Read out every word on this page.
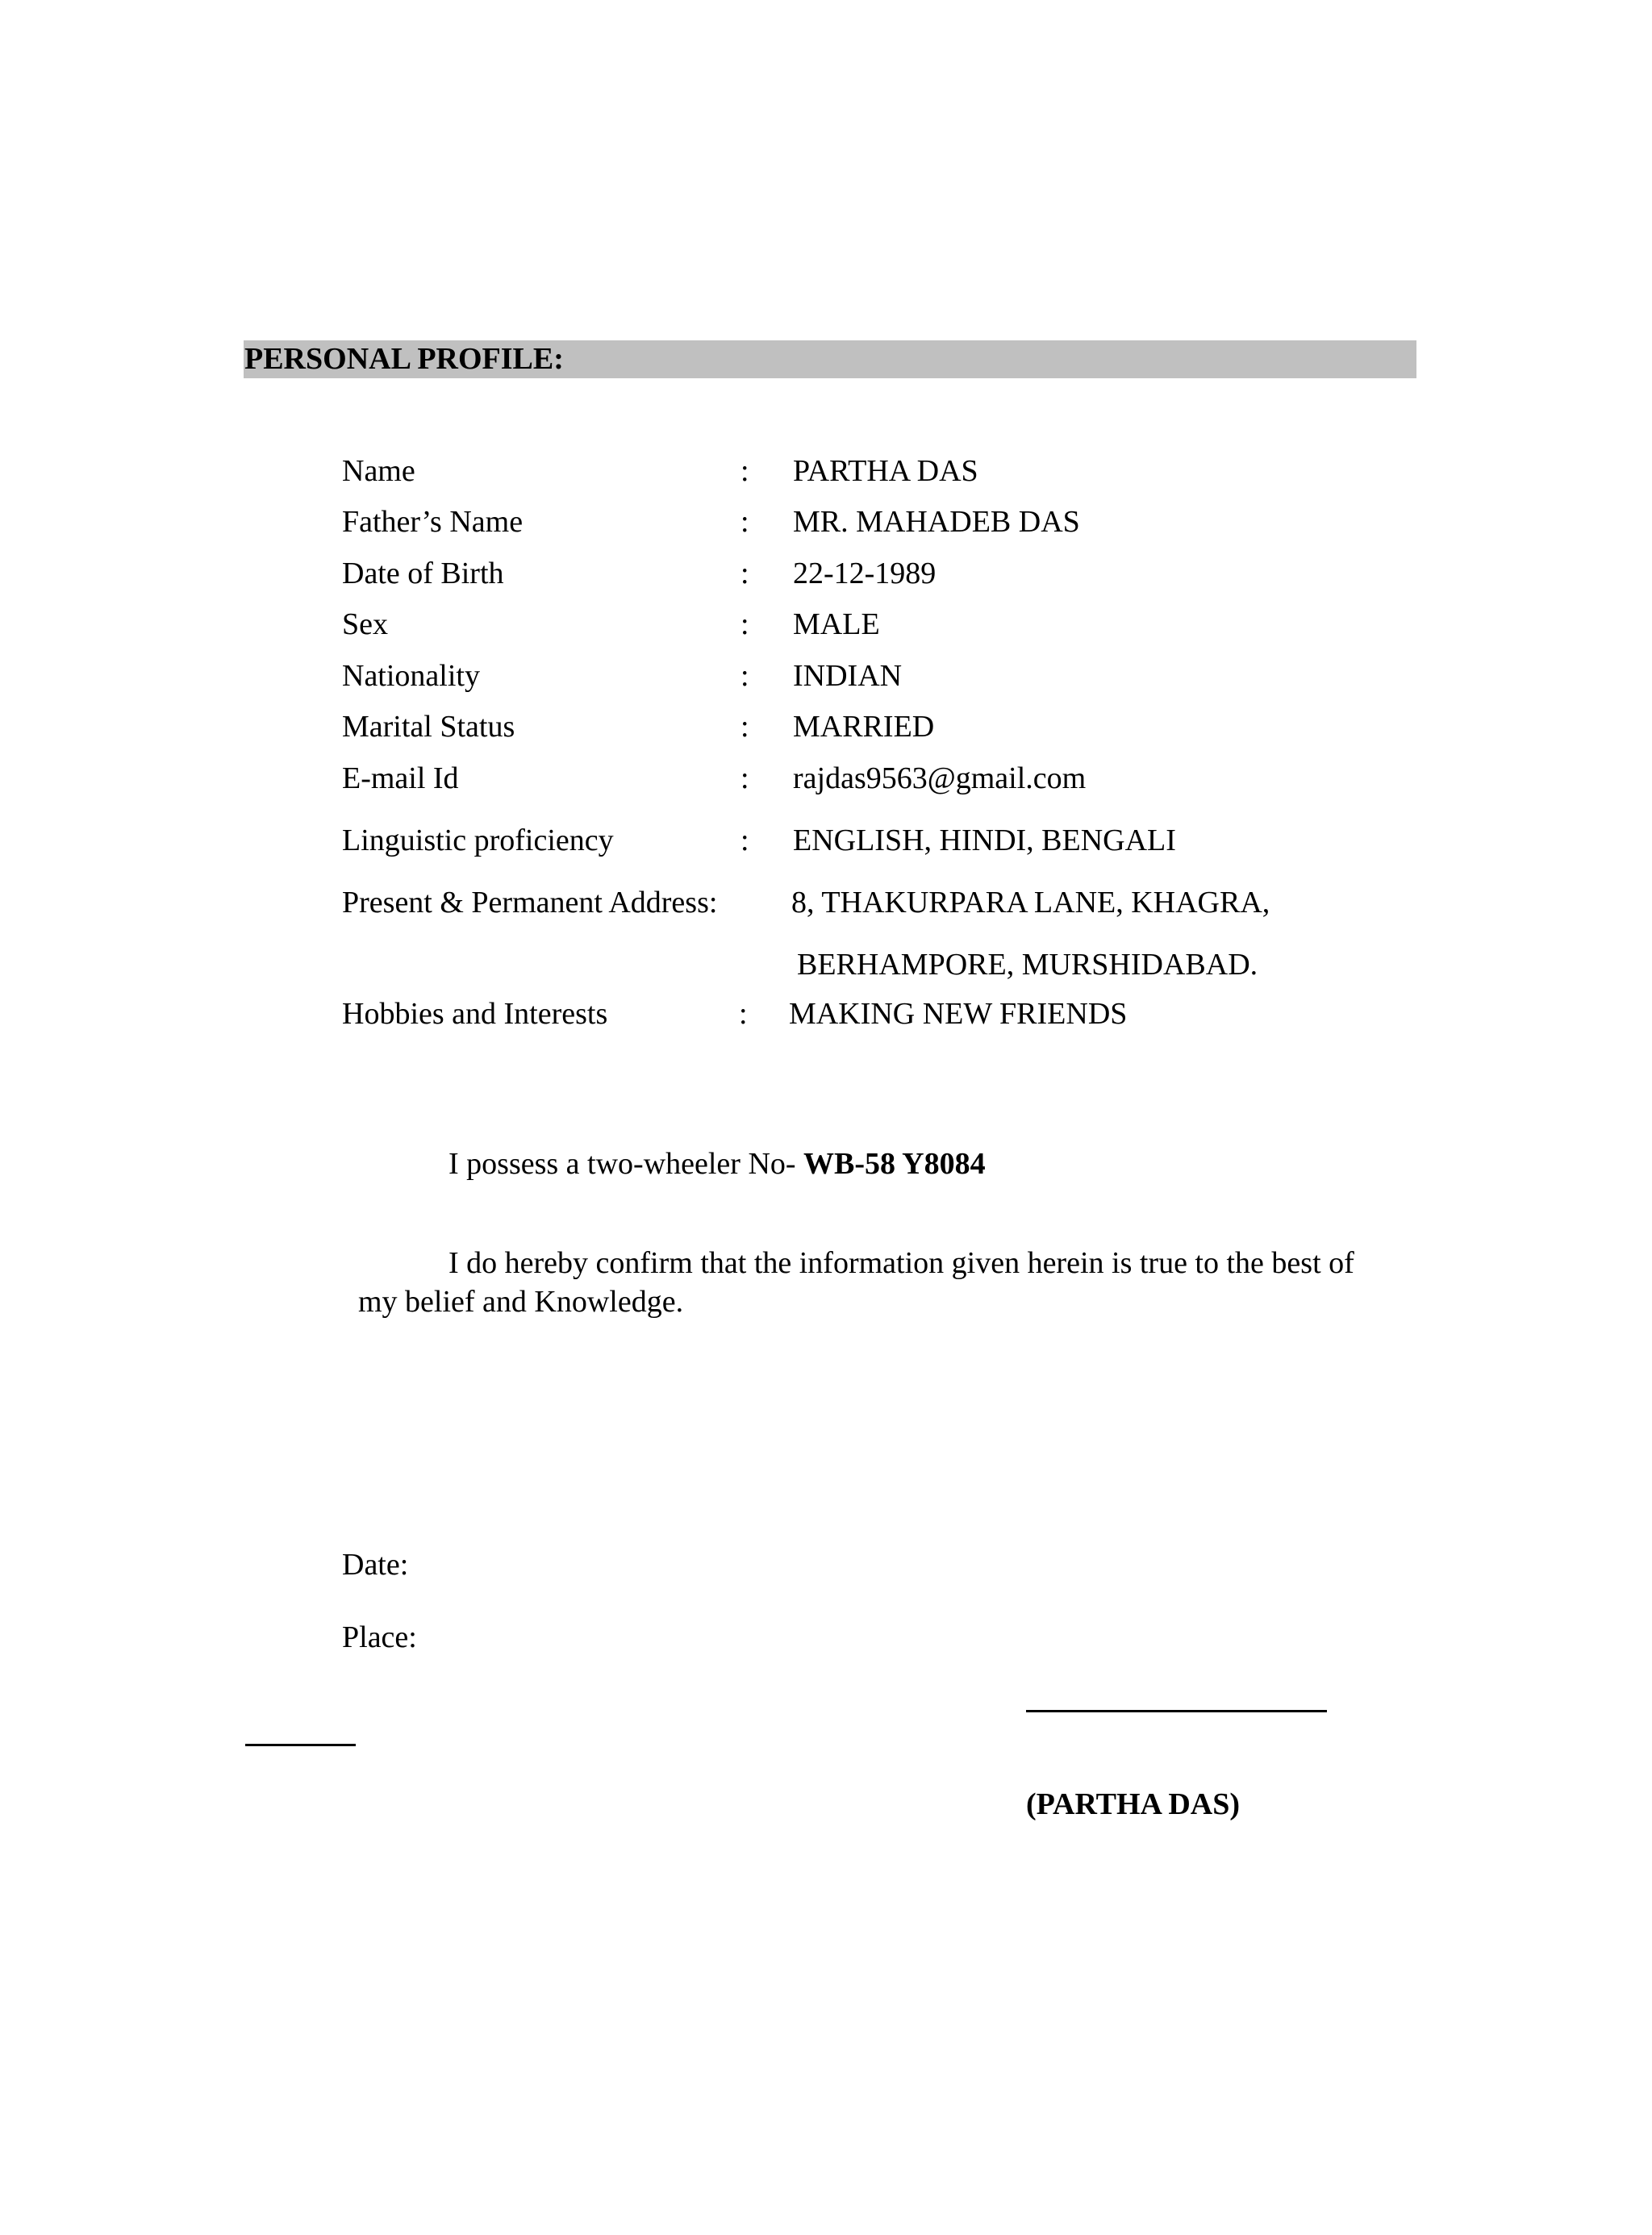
PERSONAL PROFILE:
Name	: PARTHA DAS
Father’s Name	: MR. MAHADEB DAS
Date of Birth	: 22-12-1989
Sex	: MALE
Nationality	: INDIAN
Marital Status	: MARRIED
E-mail Id	: rajdas9563@gmail.com
Linguistic proficiency	: ENGLISH, HINDI, BENGALI
Present & Permanent Address: 8, THAKURPARA LANE, KHAGRA,
BERHAMPORE, MURSHIDABAD.
Hobbies and Interests	: MAKING NEW FRIENDS
I possess a two-wheeler No- WB-58 Y8084
I do hereby confirm that the information given herein is true to the best of
my belief and Knowledge.
Date:
Place:
(PARTHA DAS)
